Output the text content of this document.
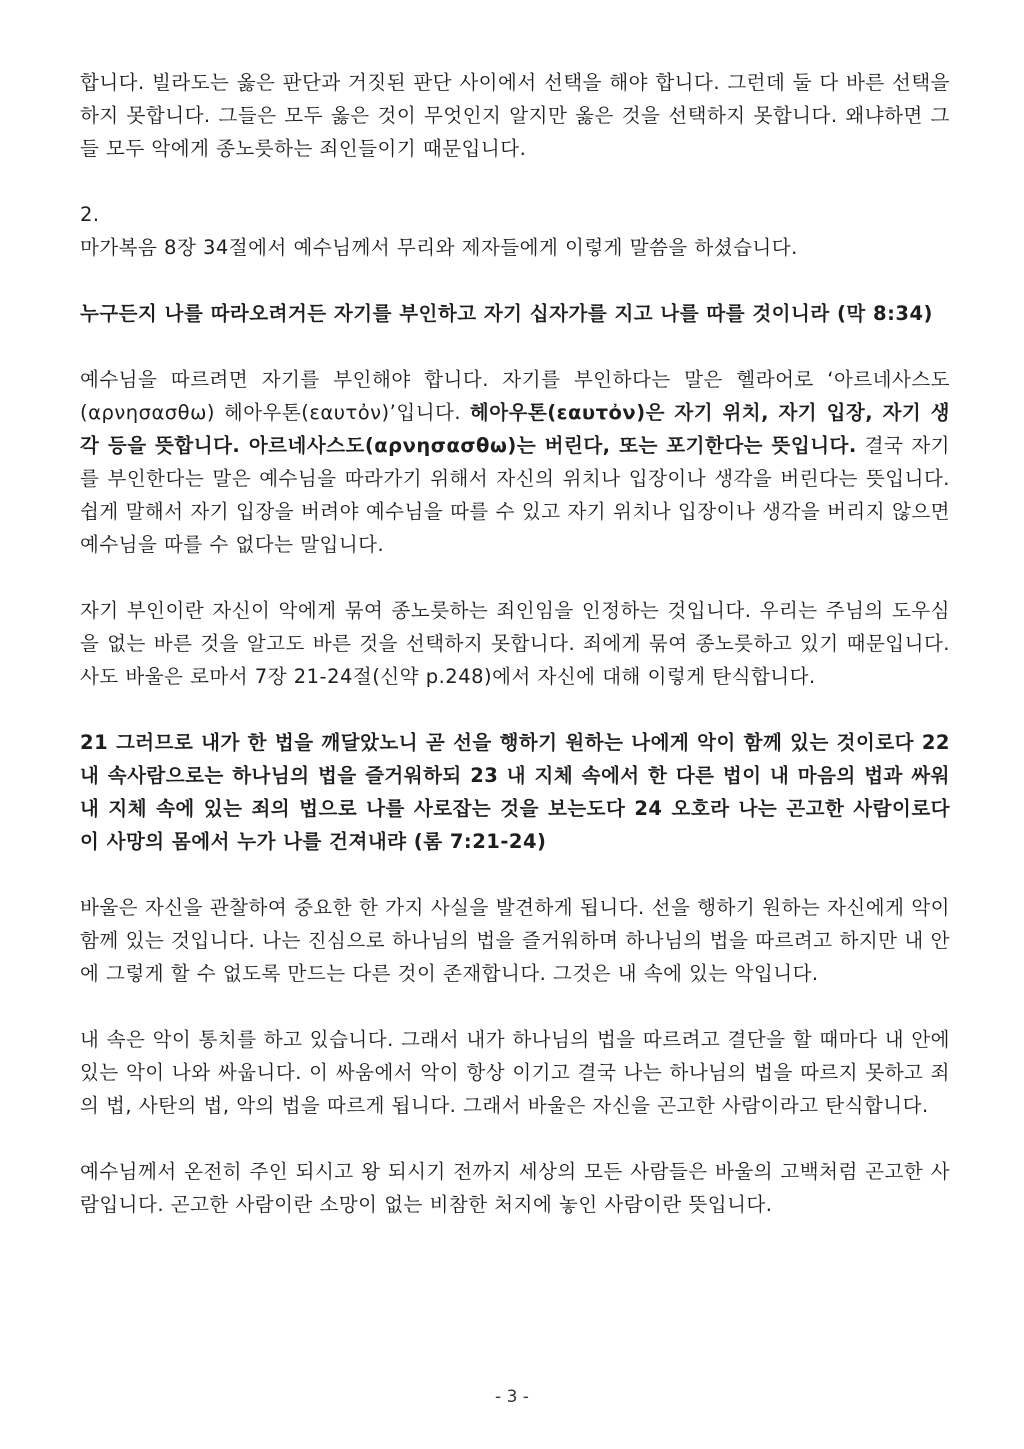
합니다. 빌라도는 옳은 판단과 거짓된 판단 사이에서 선택을 해야 합니다. 그런데 둘 다 바른 선택을 하지 못합니다. 그들은 모두 옳은 것이 무엇인지 알지만 옳은 것을 선택하지 못합니다. 왜냐하면 그들 모두 악에게 종노릇하는 죄인들이기 때문입니다.

2.

마가복음 8장 34절에서 예수님께서 무리와 제자들에게 이렇게 말씀을 하셨습니다.

누구든지 나를 따라오려거든 자기를 부인하고 자기 십자가를 지고 나를 따를 것이니라 (막 8:34)

예수님을 따르려면 자기를 부인해야 합니다. 자기를 부인하다는 말은 헬라어로 ‘아르네사스도(αρνησασθω) 헤아우톤(εαυτὀν)’입니다. 헤아우톤(εαυτὀν)은 자기 위치, 자기 입장, 자기 생각 등을 뜻합니다. 아르네사스도(αρνησασθω)는 버린다, 또는 포기한다는 뜻입니다. 결국 자기를 부인한다는 말은 예수님을 따라가기 위해서 자신의 위치나 입장이나 생각을 버린다는 뜻입니다. 쉽게 말해서 자기 입장을 버려야 예수님을 따를 수 있고 자기 위치나 입장이나 생각을 버리지 않으면 예수님을 따를 수 없다는 말입니다.

자기 부인이란 자신이 악에게 묶여 종노릇하는 죄인임을 인정하는 것입니다. 우리는 주님의 도우심을 없는 바른 것을 알고도 바른 것을 선택하지 못합니다. 죄에게 묶여 종노릇하고 있기 때문입니다. 사도 바울은 로마서 7장 21-24절(신약 p.248)에서 자신에 대해 이렇게 탄식합니다.

21 그러므로 내가 한 법을 깨달았노니 곧 선을 행하기 원하는 나에게 악이 함께 있는 것이로다 22 내 속사람으로는 하나님의 법을 즐거워하되 23 내 지체 속에서 한 다른 법이 내 마음의 법과 싸워 내 지체 속에 있는 죄의 법으로 나를 사로잡는 것을 보는도다 24 오호라 나는 곤고한 사람이로다 이 사망의 몸에서 누가 나를 건져내랴 (롬 7:21-24)

바울은 자신을 관찰하여 중요한 한 가지 사실을 발견하게 됩니다. 선을 행하기 원하는 자신에게 악이 함께 있는 것입니다. 나는 진심으로 하나님의 법을 즐거워하며 하나님의 법을 따르려고 하지만 내 안에 그렇게 할 수 없도록 만드는 다른 것이 존재합니다. 그것은 내 속에 있는 악입니다.

내 속은 악이 통치를 하고 있습니다. 그래서 내가 하나님의 법을 따르려고 결단을 할 때마다 내 안에 있는 악이 나와 싸웁니다. 이 싸움에서 악이 항상 이기고 결국 나는 하나님의 법을 따르지 못하고 죄의 법, 사탄의 법, 악의 법을 따르게 됩니다. 그래서 바울은 자신을 곤고한 사람이라고 탄식합니다.

예수님께서 온전히 주인 되시고 왕 되시기 전까지 세상의 모든 사람들은 바울의 고백처럼 곤고한 사람입니다. 곤고한 사람이란 소망이 없는 비참한 처지에 놓인 사람이란 뜻입니다.

- 3 -
